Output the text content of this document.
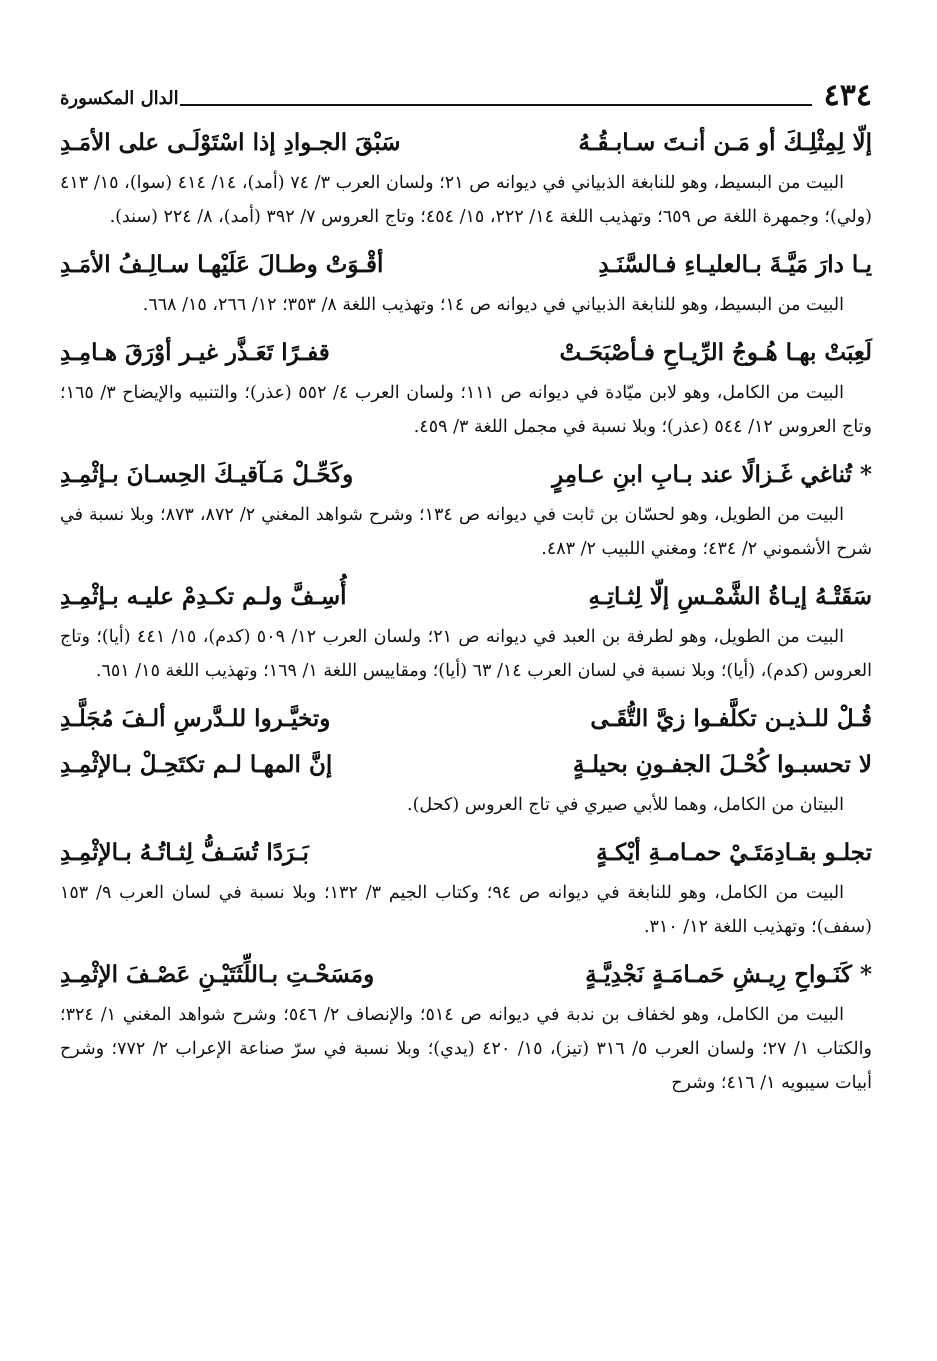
٤٣٤
الدال المكسورة
إلّا لِمِثْلِـكَ أو مَـن أنـتَ سـابـقُـهُ
سَبْقَ الجـوادِ إذا اسْتَوْلَـى على الأمَـدِ
البيت من البسيط، وهو للنابغة الذبياني في ديوانه ص ٢١؛ ولسان العرب ٣/ ٧٤ (أمد)، ١٤/ ٤١٤ (سوا)، ١٥/ ٤١٣ (ولي)؛ وجمهرة اللغة ص ٦٥٩؛ وتهذيب اللغة ١٤/ ٢٢٢، ١٥/ ٤٥٤؛ وتاج العروس ٧/ ٣٩٢ (أمد)، ٨/ ٢٢٤ (سند).
يـا دارَ مَيَّـةَ بـالعليـاءِ فـالسَّنَـدِ
أقْـوَتْ وطـالَ عَلَيْهـا سـالِـفُ الأمَـدِ
البيت من البسيط، وهو للنابغة الذبياني في ديوانه ص ١٤؛ وتهذيب اللغة ٨/ ٣٥٣؛ ١٢/ ٢٦٦، ١٥/ ٦٦٨.
لَعِبَتْ بهـا هُـوجُ الرِّيـاحِ فـأصْبَحَـتْ
قفـرًا تَعَـذَّر غيـر أوْرَقَ هـامِـدِ
البيت من الكامل، وهو لابن ميّادة في ديوانه ص ١١١؛ ولسان العرب ٤/ ٥٥٢ (عذر)؛ والتنبيه والإيضاح ٣/ ١٦٥؛ وتاج العروس ١٢/ ٥٤٤ (عذر)؛ وبلا نسبة في مجمل اللغة ٣/ ٤٥٩.
* تُناغي غَـزالًا عند بـابِ ابنِ عـامِرٍ
وكَحِّـلْ مَـآقيـكَ الحِسـانَ بـإثْمِـدِ
البيت من الطويل، وهو لحسّان بن ثابت في ديوانه ص ١٣٤؛ وشرح شواهد المغني ٢/ ٨٧٢، ٨٧٣؛ وبلا نسبة في شرح الأشموني ٢/ ٤٣٤؛ ومغني اللبيب ٢/ ٤٨٣.
سَقَتْـهُ إيـاةُ الشَّمْـسِ إلّا لِثـاتِـهِ
أُسِـفَّ ولـم تكـدِمْ عليـه بـإثْمِـدِ
البيت من الطويل، وهو لطرفة بن العبد في ديوانه ص ٢١؛ ولسان العرب ١٢/ ٥٠٩ (كدم)، ١٥/ ٤٤١ (أيا)؛ وتاج العروس (كدم)، (أيا)؛ وبلا نسبة في لسان العرب ١٤/ ٦٣ (أيا)؛ ومقاييس اللغة ١/ ١٦٩؛ وتهذيب اللغة ١٥/ ٦٥١.
قُـلْ للـذيـن تكلَّفـوا زيَّ التُّقَـى
وتخيَّـروا للـدَّرسِ ألـفَ مُجَلَّـدِ
لا تحسبـوا كُحْـلَ الجفـونِ بحيلـةٍ
إنَّ المهـا لـم تكتَحِـلْ بـالإثْمِـدِ
البيتان من الكامل، وهما للأبي صيري في تاج العروس (كحل).
تجلـو بقـادِمَتَـيْ حمـامـةِ أيْكـةٍ
بَـرَدًا تُسَـفُّ لِثـاتُـهُ بـالإثْمِـدِ
البيت من الكامل، وهو للنابغة في ديوانه ص ٩٤؛ وكتاب الجيم ٣/ ١٣٢؛ وبلا نسبة في لسان العرب ٩/ ١٥٣ (سفف)؛ وتهذيب اللغة ١٢/ ٣١٠.
* كَنَـواحِ رِيـشِ حَمـامَـةٍ نَجْدِيَّـةٍ
ومَسَحْـتِ بـاللِّثَتَيْـنِ عَصْـفَ الإثْمِـدِ
البيت من الكامل، وهو لخفاف بن ندبة في ديوانه ص ٥١٤؛ والإنصاف ٢/ ٥٤٦؛ وشرح شواهد المغني ١/ ٣٢٤؛ والكتاب ١/ ٢٧؛ ولسان العرب ٥/ ٣١٦ (تيز)، ١٥/ ٤٢٠ (يدي)؛ وبلا نسبة في سرّ صناعة الإعراب ٢/ ٧٧٢؛ وشرح أبيات سيبويه ١/ ٤١٦؛ وشرح
